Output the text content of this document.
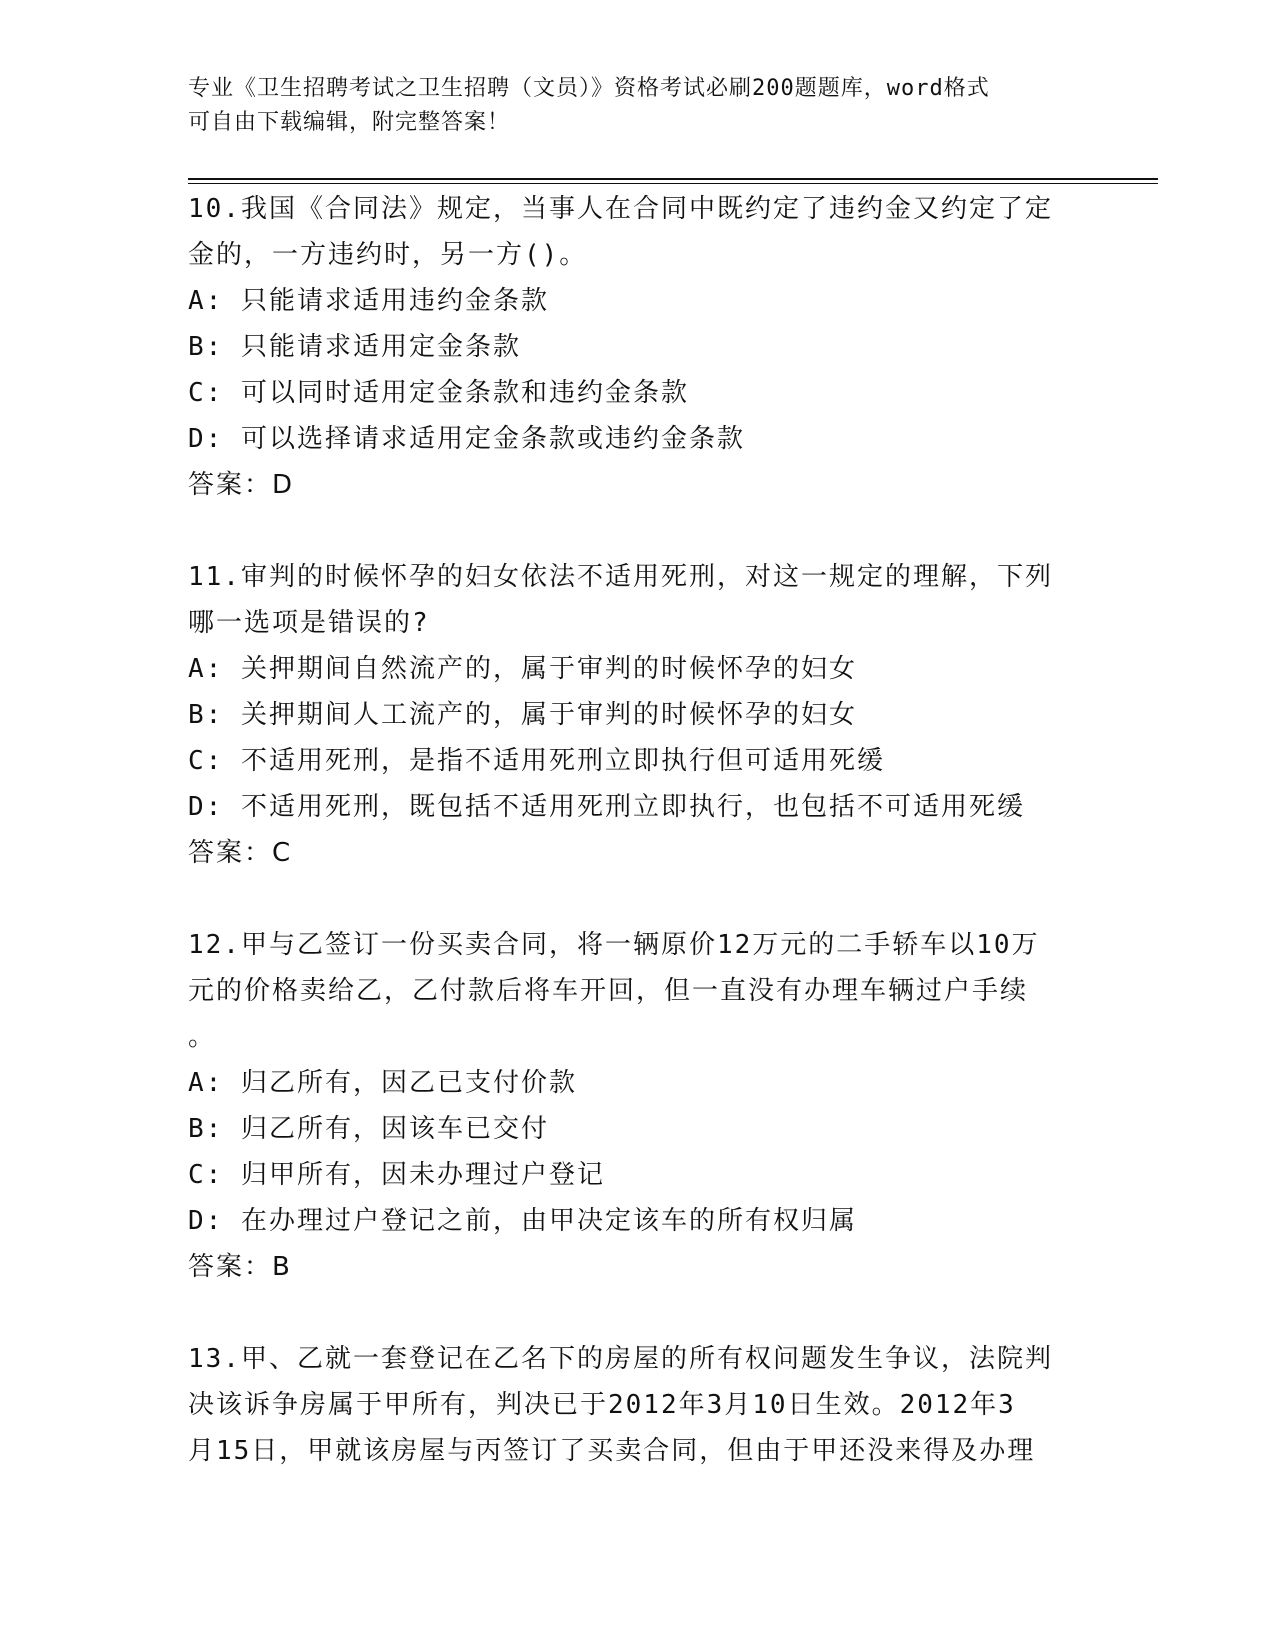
专业《卫生招聘考试之卫生招聘（文员）》资格考试必刷200题题库，word格式
可自由下载编辑，附完整答案！
10.我国《合同法》规定，当事人在合同中既约定了违约金又约定了定
金的，一方违约时，另一方()。
A: 只能请求适用违约金条款
B: 只能请求适用定金条款
C: 可以同时适用定金条款和违约金条款
D: 可以选择请求适用定金条款或违约金条款
答案：D
11.审判的时候怀孕的妇女依法不适用死刑，对这一规定的理解，下列
哪一选项是错误的?
A: 关押期间自然流产的，属于审判的时候怀孕的妇女
B: 关押期间人工流产的，属于审判的时候怀孕的妇女
C: 不适用死刑，是指不适用死刑立即执行但可适用死缓
D: 不适用死刑，既包括不适用死刑立即执行，也包括不可适用死缓
答案：C
12.甲与乙签订一份买卖合同，将一辆原价12万元的二手轿车以10万
元的价格卖给乙，乙付款后将车开回，但一直没有办理车辆过户手续
。
A: 归乙所有，因乙已支付价款
B: 归乙所有，因该车已交付
C: 归甲所有，因未办理过户登记
D: 在办理过户登记之前，由甲决定该车的所有权归属
答案：B
13.甲、乙就一套登记在乙名下的房屋的所有权问题发生争议，法院判
决该诉争房属于甲所有，判决已于2012年3月10日生效。2012年3
月15日，甲就该房屋与丙签订了买卖合同，但由于甲还没来得及办理
